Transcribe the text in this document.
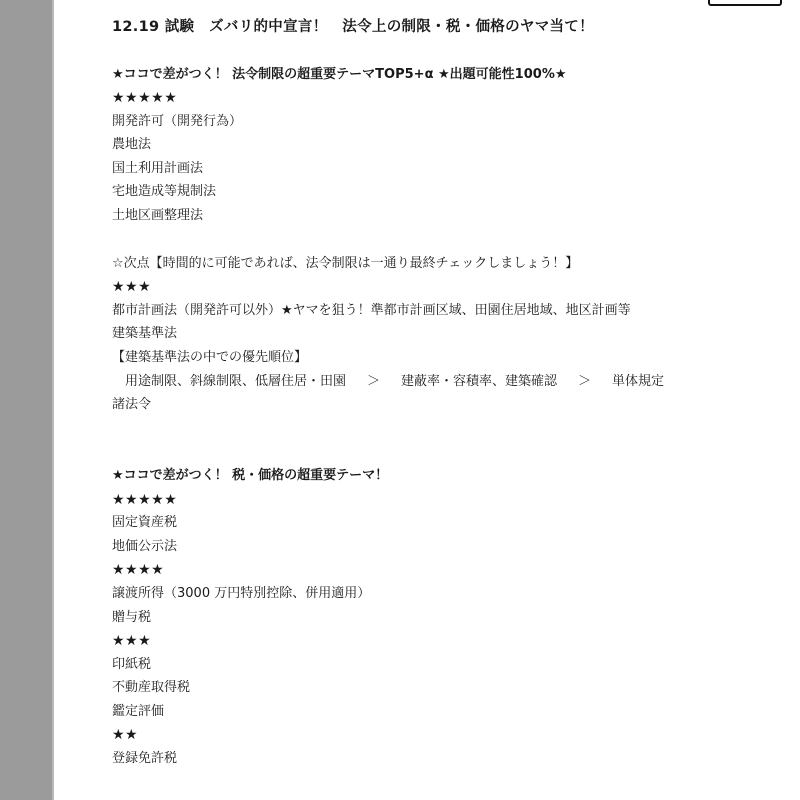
12.19 試験　ズバリ的中宣言！　法令上の制限・税・価格のヤマ当て！
★ココで差がつく！ 法令制限の超重要テーマTOP5+α ★出題可能性100%★
★★★★★
開発許可（開発行為）
農地法
国土利用計画法
宅地造成等規制法
土地区画整理法
☆次点【時間的に可能であれば、法令制限は一通り最終チェックしましょう！】
★★★
都市計画法（開発許可以外）★ヤマを狙う！準都市計画区域、田園住居地域、地区計画等
建築基準法
【建築基準法の中での優先順位】
　用途制限、斜線制限、低層住居・田園 ＞ 建蔽率・容積率、建築確認 ＞ 単体規定
諸法令
★ココで差がつく！ 税・価格の超重要テーマ！
★★★★★
固定資産税
地価公示法
★★★★
譲渡所得（3000 万円特別控除、併用適用）
贈与税
★★★
印紙税
不動産取得税
鑑定評価
★★
登録免許税
